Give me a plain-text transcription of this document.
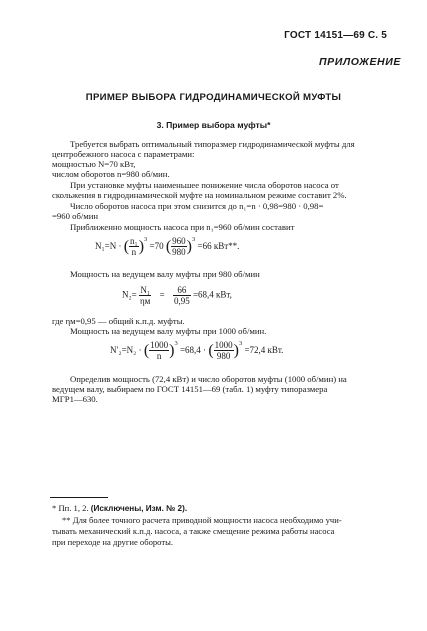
ГОСТ 14151—69 С. 5
ПРИЛОЖЕНИЕ
ПРИМЕР ВЫБОРА ГИДРОДИНАМИЧЕСКОЙ МУФТЫ
3. Пример выбора муфты*
Требуется выбрать оптимальный типоразмер гидродинамической муфты для
центробежного насоса с параметрами:
мощностью N=70 кВт,
числом оборотов n=980 об/мин.
При установке муфты наименьшее понижение числа оборотов насоса от
скольжения в гидродинамической муфте на номинальном режиме составит 2%.
Число оборотов насоса при этом снизится до n₁=n · 0,98=980 · 0,98=
=960 об/мин
Приближенно мощность насоса при n₁=960 об/мин составит
N₁=N · ( $\frac{\text{n₁}}{n} )^3 =70$ ( $\frac{960}{980} )^3 =66$ кВт**.
Мощность на ведущем валу муфты при 980 об/мин
$N_2= \frac{\text{N₁}}{\eta м} = \frac{66}{0,95} =68,4$ кВт,
где ηм=0,95 — общий к.п.д. муфты.
Мощность на ведущем валу муфты при 1000 об/мин.
N′₂=N₂ · ( $\frac{1000}{n} )^3 =68,4$ · ( $\frac{1000}{980} )^3 =72,4$ кВт.
Определив мощность (72,4 кВт) и число оборотов муфты (1000 об/мин) на
ведущем валу, выбираем по ГОСТ 14151—69 (табл. 1) муфту типоразмера
МГР1—630.
* Пп. 1, 2. (Исключены, Изм. № 2).
** Для более точного расчета приводной мощности насоса необходимо учи-
тывать механический к.п.д. насоса, а также смещение режима работы насоса
при переходе на другие обороты.
